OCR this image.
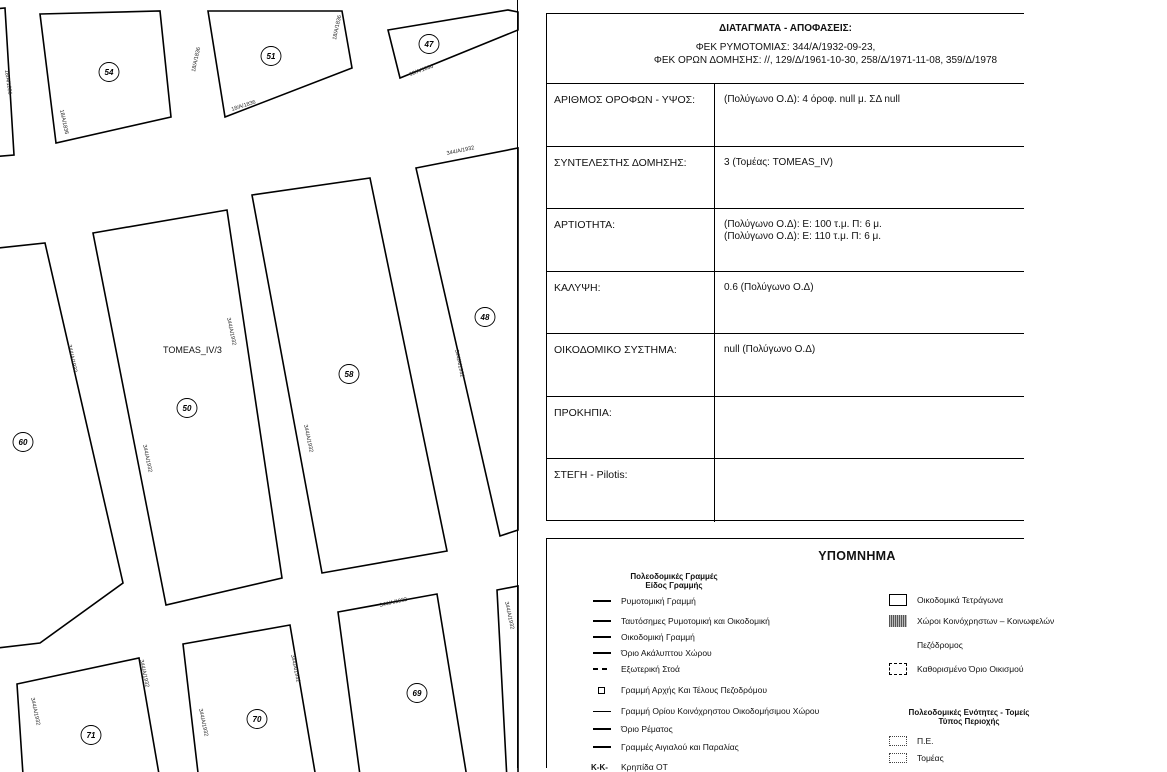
54
51
47
60
50
58
48
71
70
69
18/A/1836
18/A/1836
18/A/1836
18/A/1836
18/A/1836
18/A/1836
344/A/1932
344/A/1932
344/A/1932
344/A/1932
344/A/1932
344/A/1932
344/A/1932
344/A/1932
344/A/1932
344/A/1932
344/A/1932	344/A/1932
TOMEAS_IV/3
ΔΙΑΤΑΓΜΑΤΑ - ΑΠΟΦΑΣΕΙΣ:
ΦΕΚ ΡΥΜΟΤΟΜΙΑΣ: 344/Α/1932-09-23,
ΦΕΚ ΟΡΩΝ ΔΟΜΗΣΗΣ: //, 129/Δ/1961-10-30, 258/Δ/1971-11-08, 359/Δ/1978
ΑΡΙΘΜΟΣ ΟΡΟΦΩΝ - ΥΨΟΣ:	(Πολύγωνο Ο.Δ): 4 όροφ. null μ. ΣΔ null
ΣΥΝΤΕΛΕΣΤΗΣ ΔΟΜΗΣΗΣ:	3 (Τομέας: TOMEAS_IV)
ΑΡΤΙΟΤΗΤΑ:	(Πολύγωνο Ο.Δ): Ε: 100 τ.μ. Π: 6 μ.
(Πολύγωνο Ο.Δ): Ε: 110 τ.μ. Π: 6 μ.
ΚΑΛΥΨΗ:	0.6 (Πολύγωνο Ο.Δ)
ΟΙΚΟΔΟΜΙΚΟ ΣΥΣΤΗΜΑ:	null (Πολύγωνο Ο.Δ)
ΠΡΟΚΗΠΙΑ:
ΣΤΕΓΗ - Pilotis:
ΥΠΟΜΝΗΜΑ
Πολεοδομικές Γραμμές
Είδος Γραμμής
Ρυμοτομική Γραμμή
Ταυτόσημες Ρυμοτομική και Οικοδομική
Οικοδομική Γραμμή
Όριο Ακάλυπτου Χώρου
Εξωτερική Στοά
Γραμμή Αρχής Και Τέλους Πεζοδρόμου
Γραμμή Ορίου Κοινόχρηστου Οικοδομήσιμου Χώρου
Όριο Ρέματος
Γραμμές Αιγιαλού και Παραλίας
Κ-Κ-	Κρηπίδα ΟΤ
Οικοδομικά Τετράγωνα
Χώροι Κοινόχρηστων – Κοινωφελών
Πεζόδρομος
Καθορισμένο Όριο Οικισμού
Πολεοδομικές Ενότητες - Τομείς
Τύπος Περιοχής
Π.Ε.
Τομέας
